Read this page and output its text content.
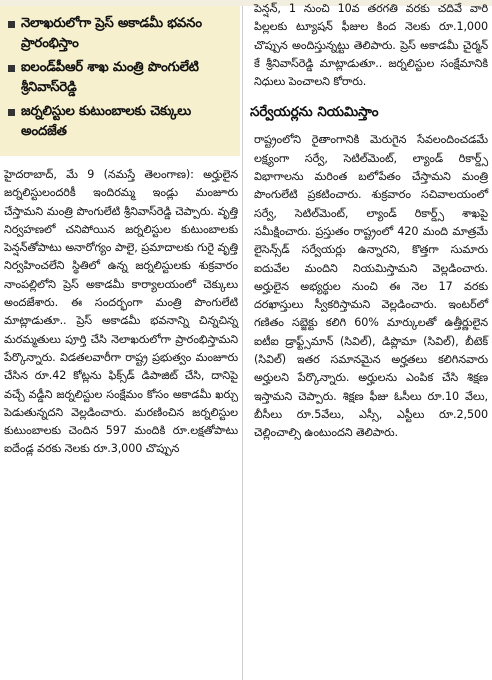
నెలాఖరులోగా ప్రెస్ అకాడమీ భవనం ప్రారంభిస్తాం
ఐలండ్‌పీఆర్ శాఖ మంత్రి పొంగులేటి శ్రీనివాస్‌రెడ్డి
జర్నలిస్టుల కుటుంబాలకు చెక్కులు అందజేత

హైదరాబాద్, మే 9 (నమస్తే తెలంగాణ): అర్హులైన జర్నలిస్టులందరికీ ఇందిరమ్మ ఇండ్లు మంజూరు చేస్తామని మంత్రి పొంగులేటి శ్రీనివాస్‌రెడ్డి చెప్పారు. వృత్తి నిర్వహణలో చనిపోయిన జర్నలిస్టుల కుటుంబాలకు పెన్షన్‌తోపాటు అనారోగ్యం పాలై, ప్రమాదాలకు గురై వృత్తి నిర్వహించలేని స్థితిలో ఉన్న జర్నలిస్టులకు శుక్రవారం నాంపల్లిలోని ప్రెస్ అకాడమీ కార్యాలయంలో చెక్కులు అందజేశారు. ఈ సందర్భంగా మంత్రి పొంగులేటి మాట్లాడుతూ.. ప్రెస్ అకాడమీ భవనాన్ని చిన్నచిన్న మరమ్మతులు పూర్తి చేసి నెలాఖరులోగా ప్రారంభిస్తామని పేర్కొన్నారు. విడతలవారీగా రాష్ట్ర ప్రభుత్వం మంజూరు చేసిన రూ.42 కోట్లను ఫిక్స్‌డ్ డిపాజిట్ చేసి, దానిపై వచ్చే వడ్డీని జర్నలిస్టుల సంక్షేమం కోసం అకాడమీ ఖర్చు పెడుతున్నదని వెల్లడించారు. మరణించిన జర్నలిస్టుల కుటుంబాలకు చెందిన 597 మందికి రూ.లక్షతోపాటు ఐదేండ్ల వరకు నెలకు రూ.3,000 చొప్పున

పెన్షన్, 1 నుంచి 10వ తరగతి వరకు చదివే వారి పిల్లలకు ట్యూషన్ ఫీజుల కింద నెలకు రూ.1,000 చొప్పున అందిస్తున్నట్టు తెలిపారు. ప్రెస్ అకాడమీ చైర్మన్ కే శ్రీనివాస్‌రెడ్డి మాట్లాడుతూ.. జర్నలిస్టుల సంక్షేమానికి నిధులు పెంచాలని కోరారు.

సర్వేయర్లను నియమిస్తాం

రాష్ట్రంలోని రైతాంగానికి మెరుగైన సేవలందించడమే లక్ష్యంగా సర్వే, సెటిల్‌మెంట్, ల్యాండ్ రికార్డ్స్ విభాగాలను మరింత బలోపేతం చేస్తామని మంత్రి పొంగులేటి ప్రకటించారు. శుక్రవారం సచివాలయంలో సర్వే, సెటిల్‌మెంట్, ల్యాండ్ రికార్డ్స్ శాఖపై సమీక్షించారు. ప్రస్తుతం రాష్ట్రంలో 420 మంది మాత్రమే లైసెన్స్‌డ్ సర్వేయర్లు ఉన్నారని, కొత్తగా సుమారు ఐదువేల మందిని నియమిస్తామని వెల్లడించారు. అర్హులైన అభ్యర్థుల నుంచి ఈ నెల 17 వరకు దరఖాస్తులు స్వీకరిస్తామని వెల్లడించారు. ఇంటర్‌లో గణితం సబ్జెక్టు కలిగి 60% మార్కులతో ఉత్తీర్ణులైన ఐటీఐ డ్రాఫ్ట్స్‌మాన్ (సివిల్), డిప్లొమా (సివిల్), బీటెక్ (సివిల్) ఇతర సమానమైన అర్హతలు కలిగినవారు అర్హులని పేర్కొన్నారు. అర్హులను ఎంపిక చేసి శిక్షణ ఇస్తామని చెప్పారు. శిక్షణ ఫీజు ఓసీలు రూ.10 వేలు, బీసీలు రూ.5వేలు, ఎస్సీ, ఎస్టీలు రూ.2,500 చెల్లించాల్సి ఉంటుందని తెలిపారు.
